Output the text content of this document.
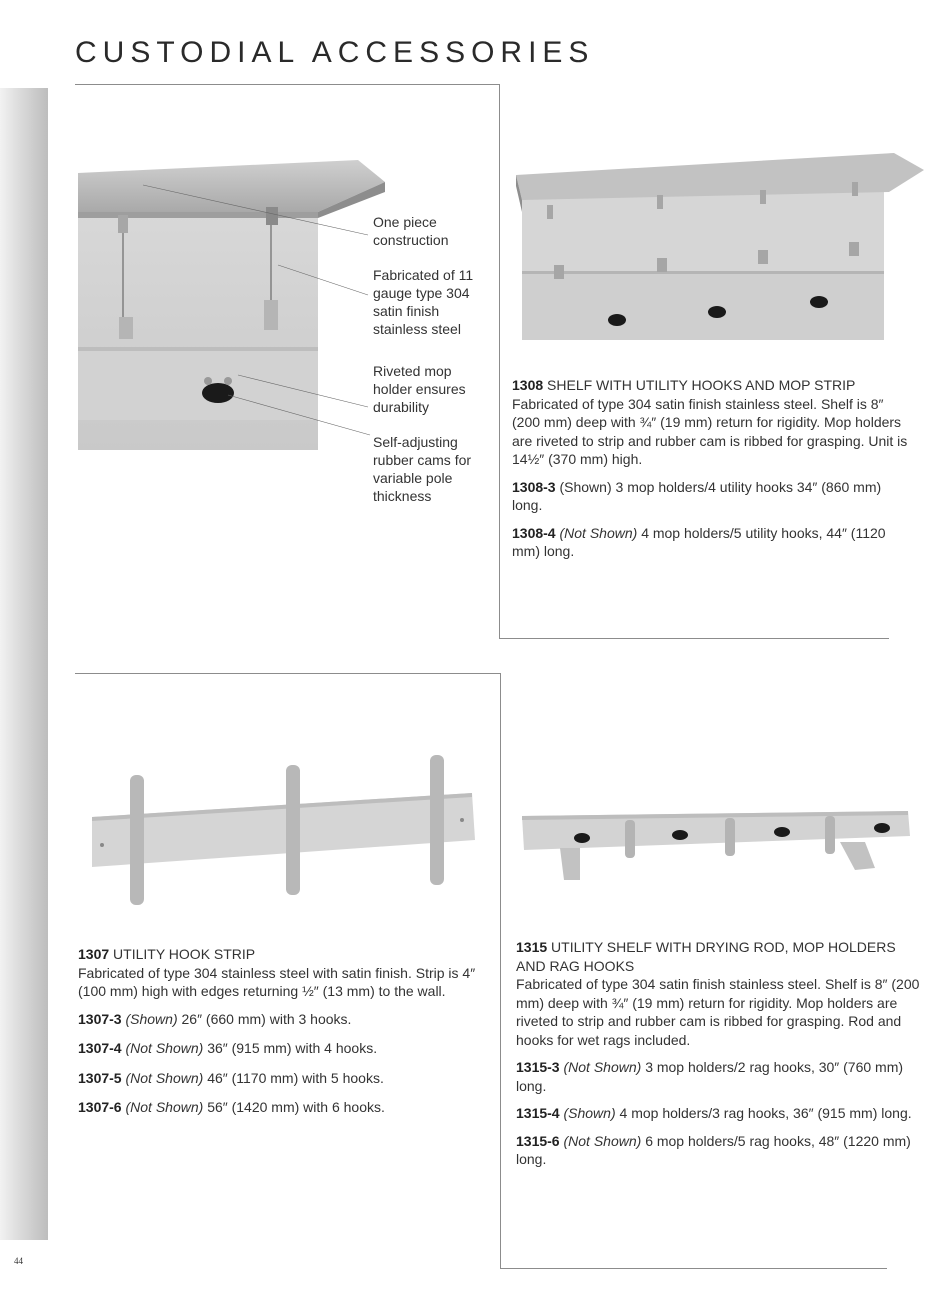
CUSTODIAL ACCESSORIES
One piece
construction
Fabricated of 11
gauge type 304
satin finish
stainless steel
Riveted mop
holder ensures
durability
Self-adjusting
rubber cams for
variable pole
thickness
1308 SHELF WITH UTILITY HOOKS AND MOP STRIP

Fabricated of type 304 satin finish stainless steel. Shelf is 8″ (200 mm) deep with ¾″ (19 mm) return for rigidity. Mop holders are riveted to strip and rubber cam is ribbed for grasping. Unit is 14½″ (370 mm) high.

1308-3 (Shown) 3 mop holders/4 utility hooks 34″ (860 mm) long.

1308-4 (Not Shown) 4 mop holders/5 utility hooks, 44″ (1120 mm) long.

1307 UTILITY HOOK STRIP

Fabricated of type 304 stainless steel with satin finish. Strip is 4″ (100 mm) high with edges returning ½″ (13 mm) to the wall.

1307-3 (Shown) 26″ (660 mm) with 3 hooks.

1307-4 (Not Shown) 36″ (915 mm) with 4 hooks.

1307-5 (Not Shown) 46″ (1170 mm) with 5 hooks.

1307-6 (Not Shown) 56″ (1420 mm) with 6 hooks.

1315 UTILITY SHELF WITH DRYING ROD, MOP HOLDERS AND RAG HOOKS

Fabricated of type 304 satin finish stainless steel. Shelf is 8″ (200 mm) deep with ¾″ (19 mm) return for rigidity. Mop holders are riveted to strip and rubber cam is ribbed for grasping. Rod and hooks for wet rags included.

1315-3 (Not Shown) 3 mop holders/2 rag hooks, 30″ (760 mm) long.

1315-4 (Shown) 4 mop holders/3 rag hooks, 36″ (915 mm) long.

1315-6 (Not Shown) 6 mop holders/5 rag hooks, 48″ (1220 mm) long.

44
